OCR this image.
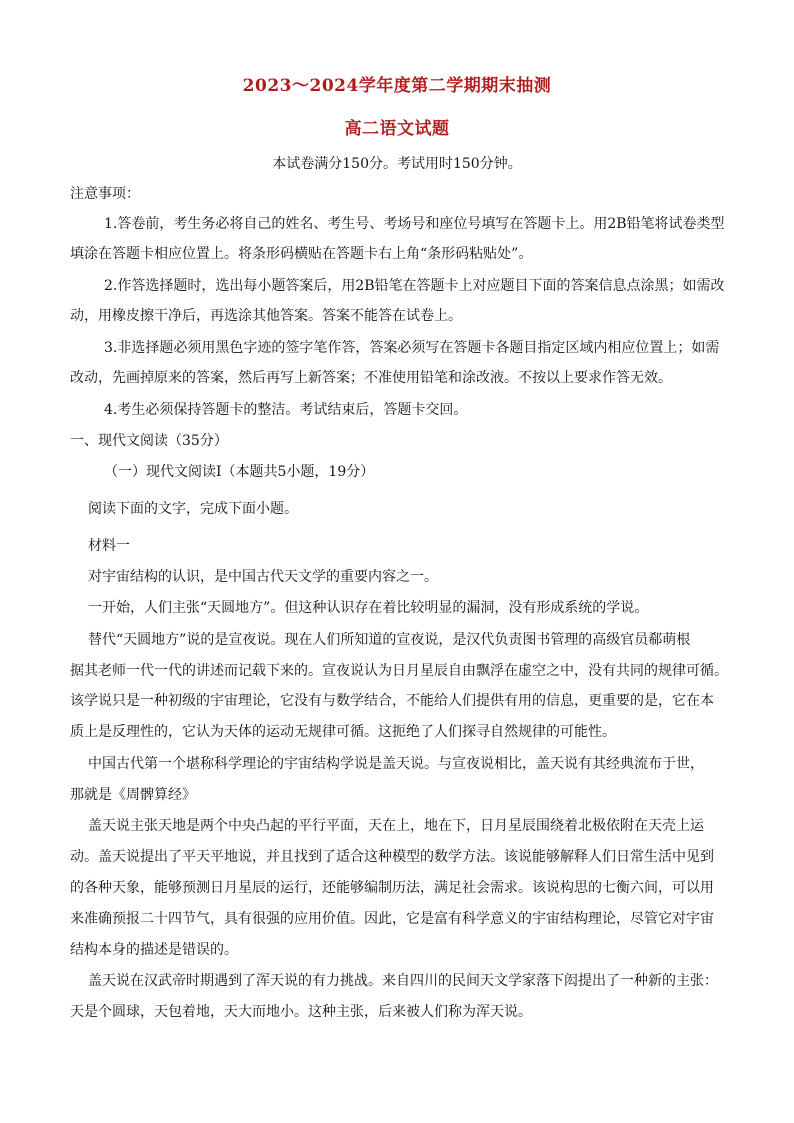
2023～2024学年度第二学期期末抽测
高二语文试题
本试卷满分150分。考试用时150分钟。
注意事项：
1.答卷前，考生务必将自己的姓名、考生号、考场号和座位号填写在答题卡上。用2B铅笔将试卷类型
填涂在答题卡相应位置上。将条形码横贴在答题卡右上角“条形码粘贴处”。
2.作答选择题时，选出每小题答案后，用2B铅笔在答题卡上对应题目下面的答案信息点涂黑；如需改
动，用橡皮擦干净后，再选涂其他答案。答案不能答在试卷上。
3.非选择题必须用黑色字迹的签字笔作答，答案必须写在答题卡各题目指定区域内相应位置上；如需
改动，先画掉原来的答案，然后再写上新答案；不准使用铅笔和涂改液。不按以上要求作答无效。
4.考生必须保持答题卡的整洁。考试结束后，答题卡交回。
一、现代文阅读（35分）
（一）现代文阅读Ⅰ（本题共5小题，19分）
阅读下面的文字，完成下面小题。
材料一
对宇宙结构的认识，是中国古代天文学的重要内容之一。
一开始，人们主张“天圆地方”。但这种认识存在着比较明显的漏洞，没有形成系统的学说。
替代“天圆地方”说的是宣夜说。现在人们所知道的宣夜说，是汉代负责图书管理的高级官员郗萌根
据其老师一代一代的讲述而记载下来的。宣夜说认为日月星辰自由飘浮在虚空之中，没有共同的规律可循。
该学说只是一种初级的宇宙理论，它没有与数学结合，不能给人们提供有用的信息，更重要的是，它在本
质上是反理性的，它认为天体的运动无规律可循。这扼绝了人们探寻自然规律的可能性。
中国古代第一个堪称科学理论的宇宙结构学说是盖天说。与宣夜说相比，盖天说有其经典流布于世，
那就是《周髀算经》
盖天说主张天地是两个中央凸起的平行平面，天在上，地在下，日月星辰围绕着北极依附在天壳上运
动。盖天说提出了平天平地说，并且找到了适合这种模型的数学方法。该说能够解释人们日常生活中见到
的各种天象，能够预测日月星辰的运行，还能够编制历法，满足社会需求。该说构思的七衡六间，可以用
来准确预报二十四节气，具有很强的应用价值。因此，它是富有科学意义的宇宙结构理论，尽管它对宇宙
结构本身的描述是错误的。
盖天说在汉武帝时期遇到了浑天说的有力挑战。来自四川的民间天文学家落下闳提出了一种新的主张：
天是个圆球，天包着地，天大而地小。这种主张，后来被人们称为浑天说。
